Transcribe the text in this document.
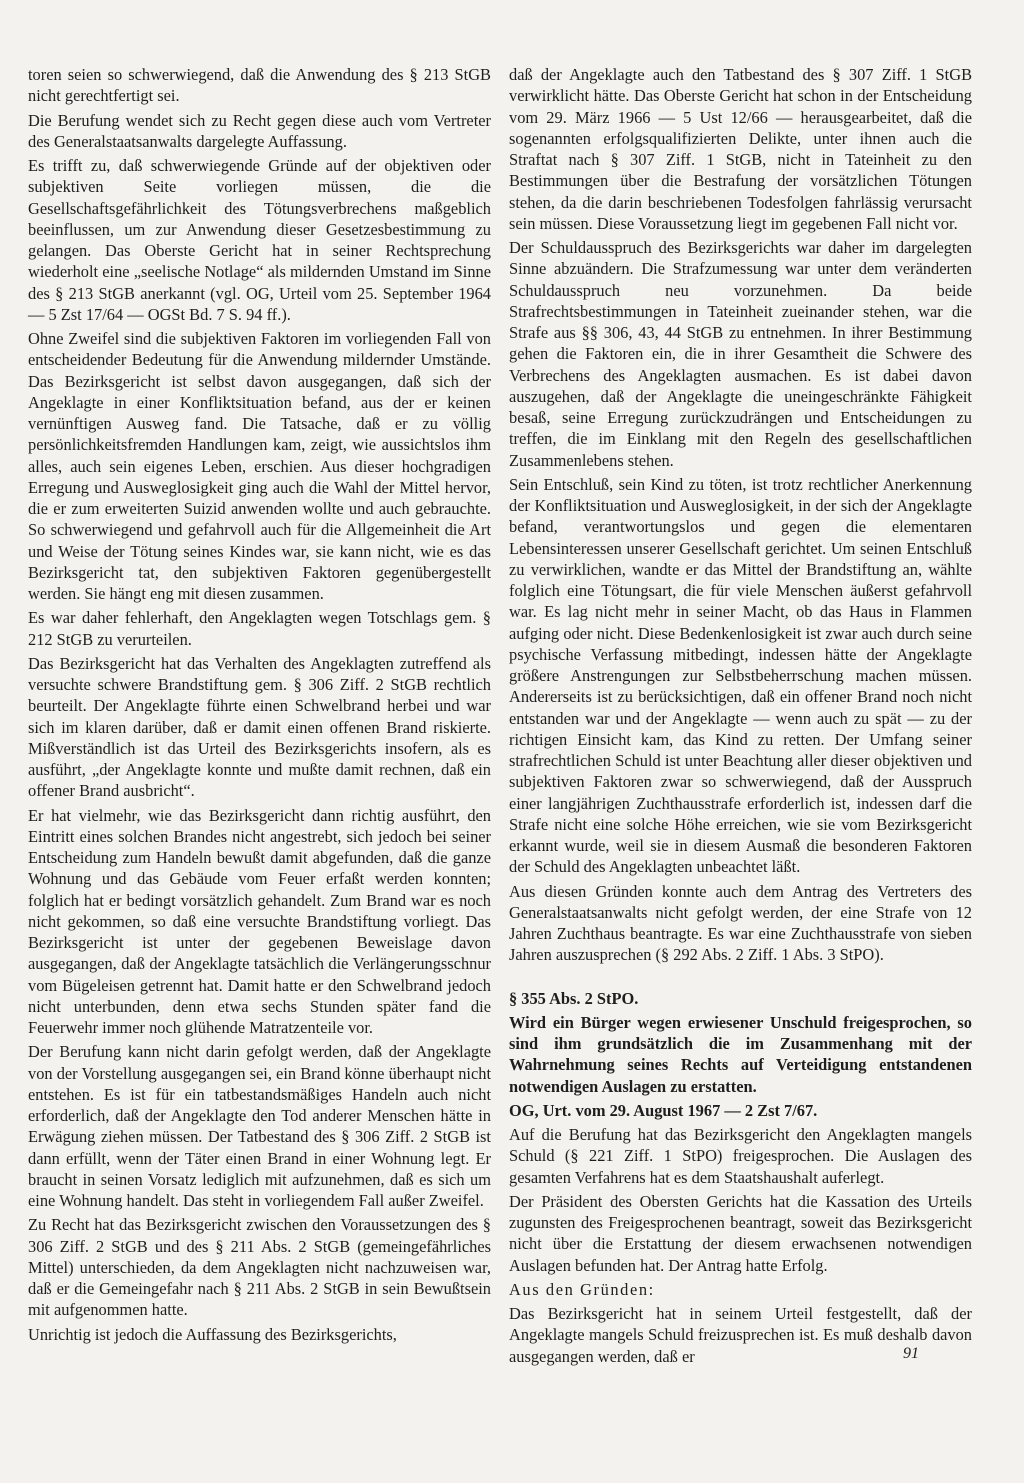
toren seien so schwerwiegend, daß die Anwendung des § 213 StGB nicht gerechtfertigt sei.

Die Berufung wendet sich zu Recht gegen diese auch vom Vertreter des Generalstaatsanwalts dargelegte Auffassung.

Es trifft zu, daß schwerwiegende Gründe auf der objektiven oder subjektiven Seite vorliegen müssen, die die Gesellschaftsgefährlichkeit des Tötungsverbrechens maßgeblich beeinflussen, um zur Anwendung dieser Gesetzesbestimmung zu gelangen. Das Oberste Gericht hat in seiner Rechtsprechung wiederholt eine „seelische Notlage“ als mildernden Umstand im Sinne des § 213 StGB anerkannt (vgl. OG, Urteil vom 25. September 1964 — 5 Zst 17/64 — OGSt Bd. 7 S. 94 ff.).

Ohne Zweifel sind die subjektiven Faktoren im vorliegenden Fall von entscheidender Bedeutung für die Anwendung mildernder Umstände. Das Bezirksgericht ist selbst davon ausgegangen, daß sich der Angeklagte in einer Konfliktsituation befand, aus der er keinen vernünftigen Ausweg fand. Die Tatsache, daß er zu völlig persönlichkeitsfremden Handlungen kam, zeigt, wie aussichtslos ihm alles, auch sein eigenes Leben, erschien. Aus dieser hochgradigen Erregung und Ausweglosigkeit ging auch die Wahl der Mittel hervor, die er zum erweiterten Suizid anwenden wollte und auch gebrauchte. So schwerwiegend und gefahrvoll auch für die Allgemeinheit die Art und Weise der Tötung seines Kindes war, sie kann nicht, wie es das Bezirksgericht tat, den subjektiven Faktoren gegenübergestellt werden. Sie hängt eng mit diesen zusammen.

Es war daher fehlerhaft, den Angeklagten wegen Totschlags gem. § 212 StGB zu verurteilen.

Das Bezirksgericht hat das Verhalten des Angeklagten zutreffend als versuchte schwere Brandstiftung gem. § 306 Ziff. 2 StGB rechtlich beurteilt. Der Angeklagte führte einen Schwelbrand herbei und war sich im klaren darüber, daß er damit einen offenen Brand riskierte. Mißverständlich ist das Urteil des Bezirksgerichts insofern, als es ausführt, „der Angeklagte konnte und mußte damit rechnen, daß ein offener Brand ausbricht“.

Er hat vielmehr, wie das Bezirksgericht dann richtig ausführt, den Eintritt eines solchen Brandes nicht angestrebt, sich jedoch bei seiner Entscheidung zum Handeln bewußt damit abgefunden, daß die ganze Wohnung und das Gebäude vom Feuer erfaßt werden konnten; folglich hat er bedingt vorsätzlich gehandelt. Zum Brand war es noch nicht gekommen, so daß eine versuchte Brandstiftung vorliegt. Das Bezirksgericht ist unter der gegebenen Beweislage davon ausgegangen, daß der Angeklagte tatsächlich die Verlängerungsschnur vom Bügeleisen getrennt hat. Damit hatte er den Schwelbrand jedoch nicht unterbunden, denn etwa sechs Stunden später fand die Feuerwehr immer noch glühende Matratzenteile vor.

Der Berufung kann nicht darin gefolgt werden, daß der Angeklagte von der Vorstellung ausgegangen sei, ein Brand könne überhaupt nicht entstehen. Es ist für ein tatbestandsmäßiges Handeln auch nicht erforderlich, daß der Angeklagte den Tod anderer Menschen hätte in Erwägung ziehen müssen. Der Tatbestand des § 306 Ziff. 2 StGB ist dann erfüllt, wenn der Täter einen Brand in einer Wohnung legt. Er braucht in seinen Vorsatz lediglich mit aufzunehmen, daß es sich um eine Wohnung handelt. Das steht in vorliegendem Fall außer Zweifel.

Zu Recht hat das Bezirksgericht zwischen den Voraussetzungen des § 306 Ziff. 2 StGB und des § 211 Abs. 2 StGB (gemeingefährliches Mittel) unterschieden, da dem Angeklagten nicht nachzuweisen war, daß er die Gemeingefahr nach § 211 Abs. 2 StGB in sein Bewußtsein mit aufgenommen hatte.

Unrichtig ist jedoch die Auffassung des Bezirksgerichts,

daß der Angeklagte auch den Tatbestand des § 307 Ziff. 1 StGB verwirklicht hätte. Das Oberste Gericht hat schon in der Entscheidung vom 29. März 1966 — 5 Ust 12/66 — herausgearbeitet, daß die sogenannten erfolgsqualifizierten Delikte, unter ihnen auch die Straftat nach § 307 Ziff. 1 StGB, nicht in Tateinheit zu den Bestimmungen über die Bestrafung der vorsätzlichen Tötungen stehen, da die darin beschriebenen Todesfolgen fahrlässig verursacht sein müssen. Diese Voraussetzung liegt im gegebenen Fall nicht vor.

Der Schuldausspruch des Bezirksgerichts war daher im dargelegten Sinne abzuändern. Die Strafzumessung war unter dem veränderten Schuldausspruch neu vorzunehmen. Da beide Strafrechtsbestimmungen in Tateinheit zueinander stehen, war die Strafe aus §§ 306, 43, 44 StGB zu entnehmen. In ihrer Bestimmung gehen die Faktoren ein, die in ihrer Gesamtheit die Schwere des Verbrechens des Angeklagten ausmachen. Es ist dabei davon auszugehen, daß der Angeklagte die uneingeschränkte Fähigkeit besaß, seine Erregung zurückzudrängen und Entscheidungen zu treffen, die im Einklang mit den Regeln des gesellschaftlichen Zusammenlebens stehen.

Sein Entschluß, sein Kind zu töten, ist trotz rechtlicher Anerkennung der Konfliktsituation und Ausweglosigkeit, in der sich der Angeklagte befand, verantwortungslos und gegen die elementaren Lebensinteressen unserer Gesellschaft gerichtet. Um seinen Entschluß zu verwirklichen, wandte er das Mittel der Brandstiftung an, wählte folglich eine Tötungsart, die für viele Menschen äußerst gefahrvoll war. Es lag nicht mehr in seiner Macht, ob das Haus in Flammen aufging oder nicht. Diese Bedenkenlosigkeit ist zwar auch durch seine psychische Verfassung mitbedingt, indessen hätte der Angeklagte größere Anstrengungen zur Selbstbeherrschung machen müssen. Andererseits ist zu berücksichtigen, daß ein offener Brand noch nicht entstanden war und der Angeklagte — wenn auch zu spät — zu der richtigen Einsicht kam, das Kind zu retten. Der Umfang seiner strafrechtlichen Schuld ist unter Beachtung aller dieser objektiven und subjektiven Faktoren zwar so schwerwiegend, daß der Ausspruch einer langjährigen Zuchthausstrafe erforderlich ist, indessen darf die Strafe nicht eine solche Höhe erreichen, wie sie vom Bezirksgericht erkannt wurde, weil sie in diesem Ausmaß die besonderen Faktoren der Schuld des Angeklagten unbeachtet läßt.

Aus diesen Gründen konnte auch dem Antrag des Vertreters des Generalstaatsanwalts nicht gefolgt werden, der eine Strafe von 12 Jahren Zuchthaus beantragte. Es war eine Zuchthausstrafe von sieben Jahren auszusprechen (§ 292 Abs. 2 Ziff. 1 Abs. 3 StPO).

§ 355 Abs. 2 StPO.

Wird ein Bürger wegen erwiesener Unschuld freigesprochen, so sind ihm grundsätzlich die im Zusammenhang mit der Wahrnehmung seines Rechts auf Verteidigung entstandenen notwendigen Auslagen zu erstatten.

OG, Urt. vom 29. August 1967 — 2 Zst 7/67.

Auf die Berufung hat das Bezirksgericht den Angeklagten mangels Schuld (§ 221 Ziff. 1 StPO) freigesprochen. Die Auslagen des gesamten Verfahrens hat es dem Staatshaushalt auferlegt.

Der Präsident des Obersten Gerichts hat die Kassation des Urteils zugunsten des Freigesprochenen beantragt, soweit das Bezirksgericht nicht über die Erstattung der diesem erwachsenen notwendigen Auslagen befunden hat. Der Antrag hatte Erfolg.

Aus den Gründen:

Das Bezirksgericht hat in seinem Urteil festgestellt, daß der Angeklagte mangels Schuld freizusprechen ist. Es muß deshalb davon ausgegangen werden, daß er	91
